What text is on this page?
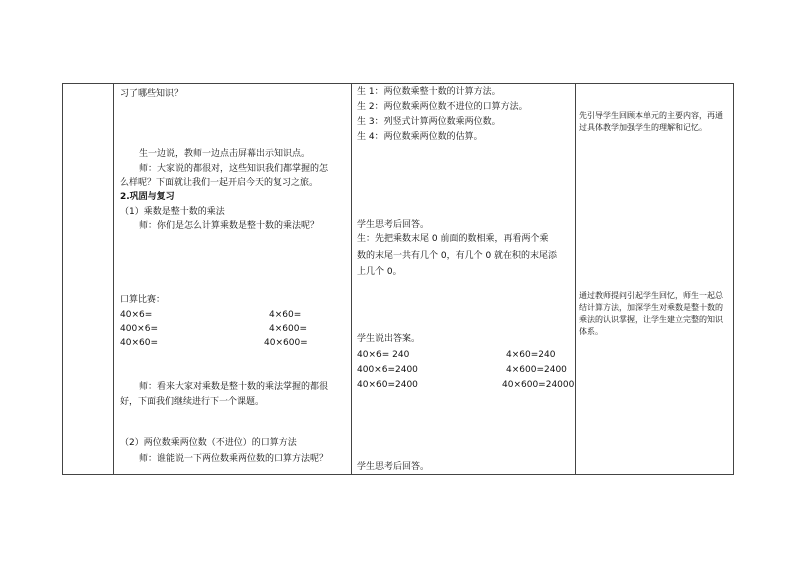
习了哪些知识？
生一边说，教师一边点击屏幕出示知识点。
师：大家说的都很对，这些知识我们都掌握的怎
么样呢？下面就让我们一起开启今天的复习之旅。
2.巩固与复习
（1）乘数是整十数的乘法
师：你们是怎么计算乘数是整十数的乘法呢？
口算比赛：
40×6=	4×60=
400×6=	4×600=
40×60=	40×600=
师：看来大家对乘数是整十数的乘法掌握的都很
好，下面我们继续进行下一个课题。
（2）两位数乘两位数（不进位）的口算方法
师：谁能说一下两位数乘两位数的口算方法呢？
生 1：两位数乘整十数的计算方法。
生 2：两位数乘两位数不进位的口算方法。
生 3：列竖式计算两位数乘两位数。
生 4：两位数乘两位数的估算。
学生思考后回答。
生：先把乘数末尾 0 前面的数相乘，再看两个乘
数的末尾一共有几个 0，有几个 0 就在积的末尾添
上几个 0。
学生说出答案。
40×6= 240	4×60=240
400×6=2400	4×600=2400
40×60=2400	40×600=24000
学生思考后回答。
先引导学生回顾本单元的主要内容，再通过具体教学加强学生的理解和记忆。
通过教师提问引起学生回忆，师生一起总结计算方法，加深学生对乘数是整十数的乘法的认识掌握，让学生建立完整的知识体系。
